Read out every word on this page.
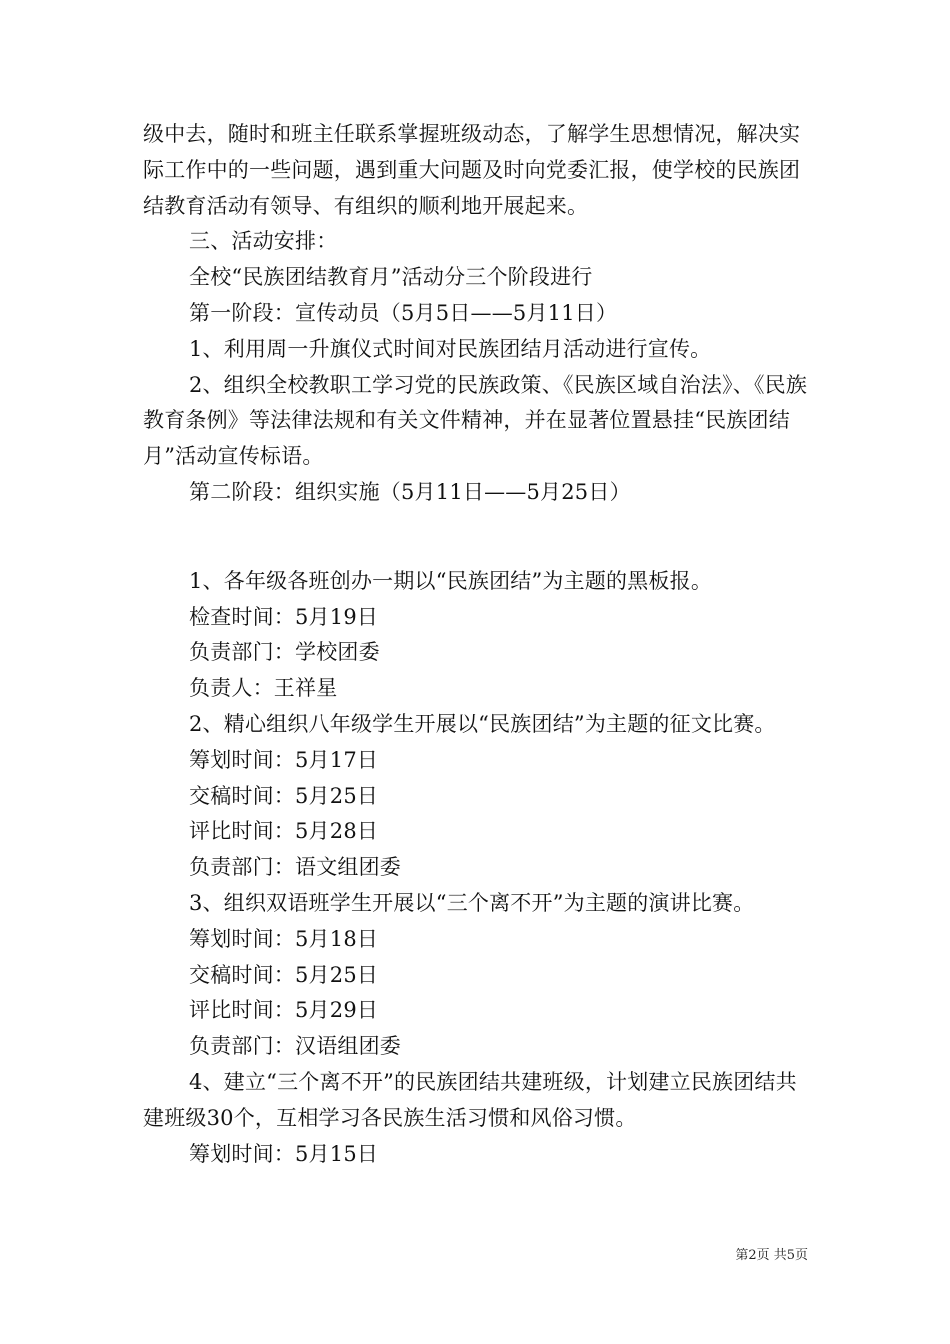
级中去，随时和班主任联系掌握班级动态，了解学生思想情况，解决实际工作中的一些问题，遇到重大问题及时向党委汇报，使学校的民族团结教育活动有领导、有组织的顺利地开展起来。

三、活动安排：

全校“民族团结教育月”活动分三个阶段进行

第一阶段：宣传动员（5月5日——5月11日）

1、利用周一升旗仪式时间对民族团结月活动进行宣传。

2、组织全校教职工学习党的民族政策、《民族区域自治法》、《民族教育条例》等法律法规和有关文件精神，并在显著位置悬挂“民族团结月”活动宣传标语。

第二阶段：组织实施（5月11日——5月25日）

1、各年级各班创办一期以“民族团结”为主题的黑板报。

检查时间：5月19日

负责部门：学校团委

负责人：王祥星

2、精心组织八年级学生开展以“民族团结”为主题的征文比赛。

筹划时间：5月17日

交稿时间：5月25日

评比时间：5月28日

负责部门：语文组团委

3、组织双语班学生开展以“三个离不开”为主题的演讲比赛。

筹划时间：5月18日

交稿时间：5月25日

评比时间：5月29日

负责部门：汉语组团委

4、建立“三个离不开”的民族团结共建班级，计划建立民族团结共建班级30个，互相学习各民族生活习惯和风俗习惯。

筹划时间：5月15日

第2页 共5页
